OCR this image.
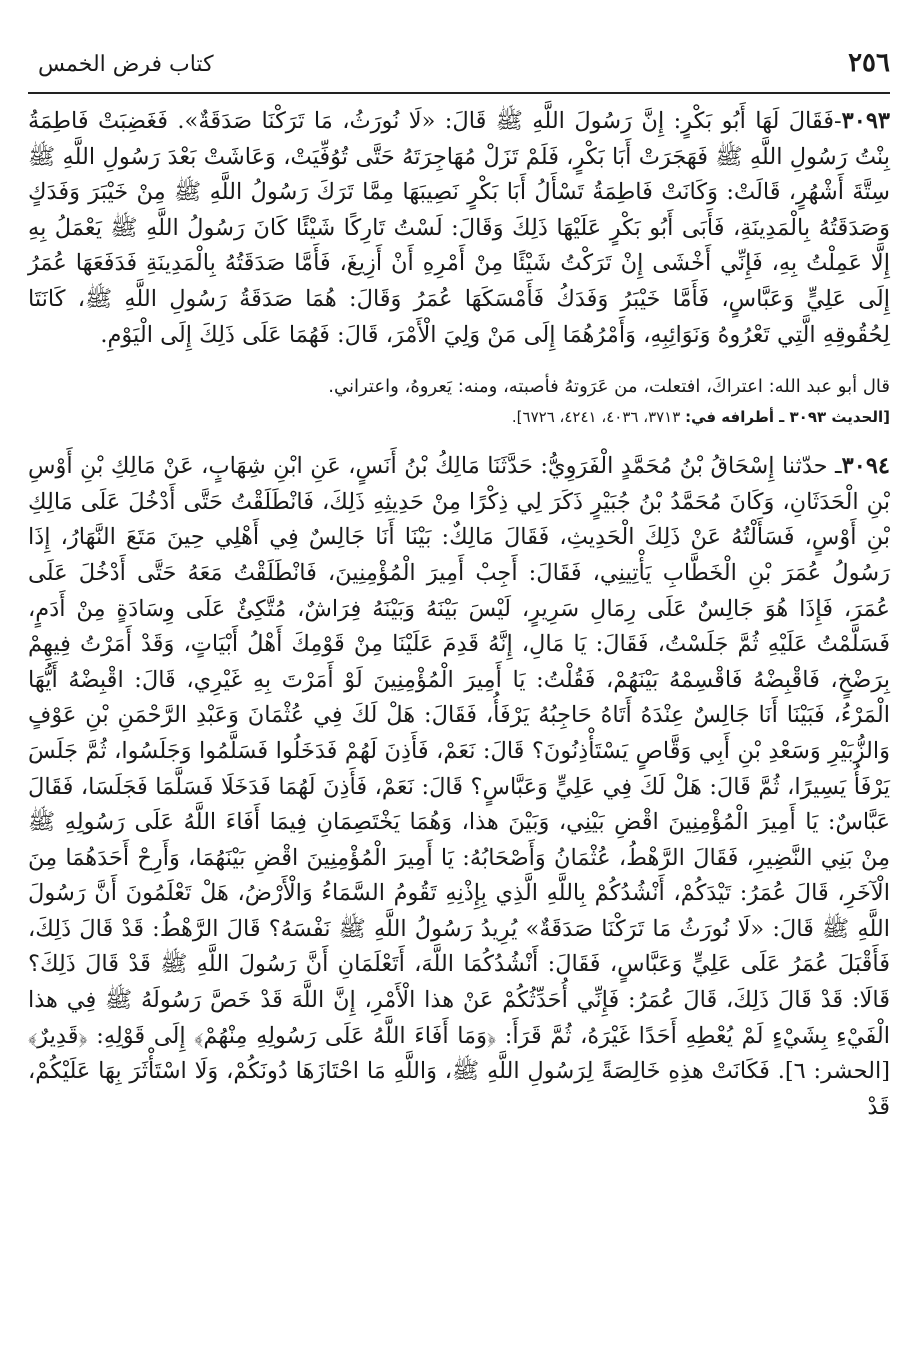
٢٥٦
كتاب فرض الخمس

٣٠٩٣-فَقَالَ لَهَا أَبُو بَكْرٍ: إِنَّ رَسُولَ اللَّهِ ﷺ قَالَ: «لَا نُورَثُ، مَا تَرَكْنَا صَدَقَةٌ». فَغَضِبَتْ فَاطِمَةُ بِنْتُ رَسُولِ اللَّهِ ﷺ فَهَجَرَتْ أَبَا بَكْرٍ، فَلَمْ تَزَلْ مُهَاجِرَتَهُ حَتَّى تُوُفِّيَتْ، وَعَاشَتْ بَعْدَ رَسُولِ اللَّهِ ﷺ سِتَّةَ أَشْهُرٍ، قَالَتْ: وَكَانَتْ فَاطِمَةُ تَسْأَلُ أَبَا بَكْرٍ نَصِيبَهَا مِمَّا تَرَكَ رَسُولُ اللَّهِ ﷺ مِنْ خَيْبَرَ وَفَدَكٍ وَصَدَقَتُهُ بِالْمَدِينَةِ، فَأَبَى أَبُو بَكْرٍ عَلَيْهَا ذَلِكَ وَقَالَ: لَسْتُ تَارِكًا شَيْئًا كَانَ رَسُولُ اللَّهِ ﷺ يَعْمَلُ بِهِ إِلَّا عَمِلْتُ بِهِ، فَإِنِّي أَخْشَى إِنْ تَرَكْتُ شَيْئًا مِنْ أَمْرِهِ أَنْ أَزِيغَ، فَأَمَّا صَدَقَتُهُ بِالْمَدِينَةِ فَدَفَعَهَا عُمَرُ إِلَى عَلِيٍّ وَعَبَّاسٍ، فَأَمَّا خَيْبَرُ وَفَدَكُ فَأَمْسَكَهَا عُمَرُ وَقَالَ: هُمَا صَدَقَةُ رَسُولِ اللَّهِ ﷺ، كَانَتَا لِحُقُوقِهِ الَّتِي تَعْرُوهُ وَنَوَائِبِهِ، وَأَمْرُهُمَا إِلَى مَنْ وَلِيَ الْأَمْرَ، قَالَ: فَهُمَا عَلَى ذَلِكَ إِلَى الْيَوْمِ.

قال أبو عبد الله: اعتراكَ، افتعلت، من عَرَوتهُ فأصبته، ومنه: يَعروهُ، واعتراني.

[الحديث ٣٠٩٣ ـ أطرافه في: ٣٧١٣، ٤٠٣٦، ٤٢٤١، ٦٧٢٦].

٣٠٩٤ـ حدّثنا إِسْحَاقُ بْنُ مُحَمَّدٍ الْفَرَوِيُّ: حَدَّثَنَا مَالِكُ بْنُ أَنَسٍ، عَنِ ابْنِ شِهَابٍ، عَنْ مَالِكِ بْنِ أَوْسِ بْنِ الْحَدَثَانِ، وَكَانَ مُحَمَّدُ بْنُ جُبَيْرٍ ذَكَرَ لِي ذِكْرًا مِنْ حَدِيثِهِ ذَلِكَ، فَانْطَلَقْتُ حَتَّى أَدْخُلَ عَلَى مَالِكِ بْنِ أَوْسٍ، فَسَأَلْتُهُ عَنْ ذَلِكَ الْحَدِيثِ، فَقَالَ مَالِكٌ: بَيْنَا أَنَا جَالِسٌ فِي أَهْلِي حِينَ مَتَعَ النَّهَارُ، إِذَا رَسُولُ عُمَرَ بْنِ الْخَطَّابِ يَأْتِينِي، فَقَالَ: أَجِبْ أَمِيرَ الْمُؤْمِنِينَ، فَانْطَلَقْتُ مَعَهُ حَتَّى أَدْخُلَ عَلَى عُمَرَ، فَإِذَا هُوَ جَالِسٌ عَلَى رِمَالِ سَرِيرٍ، لَيْسَ بَيْنَهُ وَبَيْنَهُ فِرَاشٌ، مُتَّكِئٌ عَلَى وِسَادَةٍ مِنْ أَدَمٍ، فَسَلَّمْتُ عَلَيْهِ ثُمَّ جَلَسْتُ، فَقَالَ: يَا مَالِ، إِنَّهُ قَدِمَ عَلَيْنَا مِنْ قَوْمِكَ أَهْلُ أَبْيَاتٍ، وَقَدْ أَمَرْتُ فِيهِمْ بِرَضْخٍ، فَاقْبِضْهُ فَاقْسِمْهُ بَيْنَهُمْ، فَقُلْتُ: يَا أَمِيرَ الْمُؤْمِنِينَ لَوْ أَمَرْتَ بِهِ غَيْرِي، قَالَ: اقْبِضْهُ أَيُّهَا الْمَرْءُ، فَبَيْنَا أَنَا جَالِسٌ عِنْدَهُ أَتَاهُ حَاجِبُهُ يَرْفَأُ، فَقَالَ: هَلْ لَكَ فِي عُثْمَانَ وَعَبْدِ الرَّحْمَنِ بْنِ عَوْفٍ وَالزُّبَيْرِ وَسَعْدِ بْنِ أَبِي وَقَّاصٍ يَسْتَأْذِنُونَ؟ قَالَ: نَعَمْ، فَأَذِنَ لَهُمْ فَدَخَلُوا فَسَلَّمُوا وَجَلَسُوا، ثُمَّ جَلَسَ يَرْفَأُ يَسِيرًا، ثُمَّ قَالَ: هَلْ لَكَ فِي عَلِيٍّ وَعَبَّاسٍ؟ قَالَ: نَعَمْ، فَأَذِنَ لَهُمَا فَدَخَلَا فَسَلَّمَا فَجَلَسَا، فَقَالَ عَبَّاسٌ: يَا أَمِيرَ الْمُؤْمِنِينَ اقْضِ بَيْنِي، وَبَيْنَ هذا، وَهُمَا يَخْتَصِمَانِ فِيمَا أَفَاءَ اللَّهُ عَلَى رَسُولِهِ ﷺ مِنْ بَنِي النَّضِيرِ، فَقَالَ الرَّهْطُ، عُثْمَانُ وَأَصْحَابُهُ: يَا أَمِيرَ الْمُؤْمِنِينَ اقْضِ بَيْنَهُمَا، وَأَرِحْ أَحَدَهُمَا مِنَ الْآخَرِ، قَالَ عُمَرُ: تَيْدَكُمْ، أَنْشُدُكُمْ بِاللَّهِ الَّذِي بِإِذْنِهِ تَقُومُ السَّمَاءُ وَالْأَرْضُ، هَلْ تَعْلَمُونَ أَنَّ رَسُولَ اللَّهِ ﷺ قَالَ: «لَا نُورَثُ مَا تَرَكْنَا صَدَقَةٌ» يُرِيدُ رَسُولُ اللَّهِ ﷺ نَفْسَهُ؟ قَالَ الرَّهْطُ: قَدْ قَالَ ذَلِكَ، فَأَقْبَلَ عُمَرُ عَلَى عَلِيٍّ وَعَبَّاسٍ، فَقَالَ: أَنْشُدُكُمَا اللَّهَ، أَتَعْلَمَانِ أَنَّ رَسُولَ اللَّهِ ﷺ قَدْ قَالَ ذَلِكَ؟ قَالَا: قَدْ قَالَ ذَلِكَ، قَالَ عُمَرُ: فَإِنِّي أُحَدِّثُكُمْ عَنْ هذا الْأَمْرِ، إِنَّ اللَّهَ قَدْ خَصَّ رَسُولَهُ ﷺ فِي هذا الْفَيْءِ بِشَيْءٍ لَمْ يُعْطِهِ أَحَدًا غَيْرَهُ، ثُمَّ قَرَأَ: ﴿وَمَا أَفَاءَ اللَّهُ عَلَى رَسُولِهِ مِنْهُمْ﴾ إِلَى قَوْلِهِ: ﴿قَدِيرٌ﴾ [الحشر: ٦]. فَكَانَتْ هذِهِ خَالِصَةً لِرَسُولِ اللَّهِ ﷺ، وَاللَّهِ مَا احْتَازَهَا دُونَكُمْ، وَلَا اسْتَأْثَرَ بِهَا عَلَيْكُمْ، قَدْ
